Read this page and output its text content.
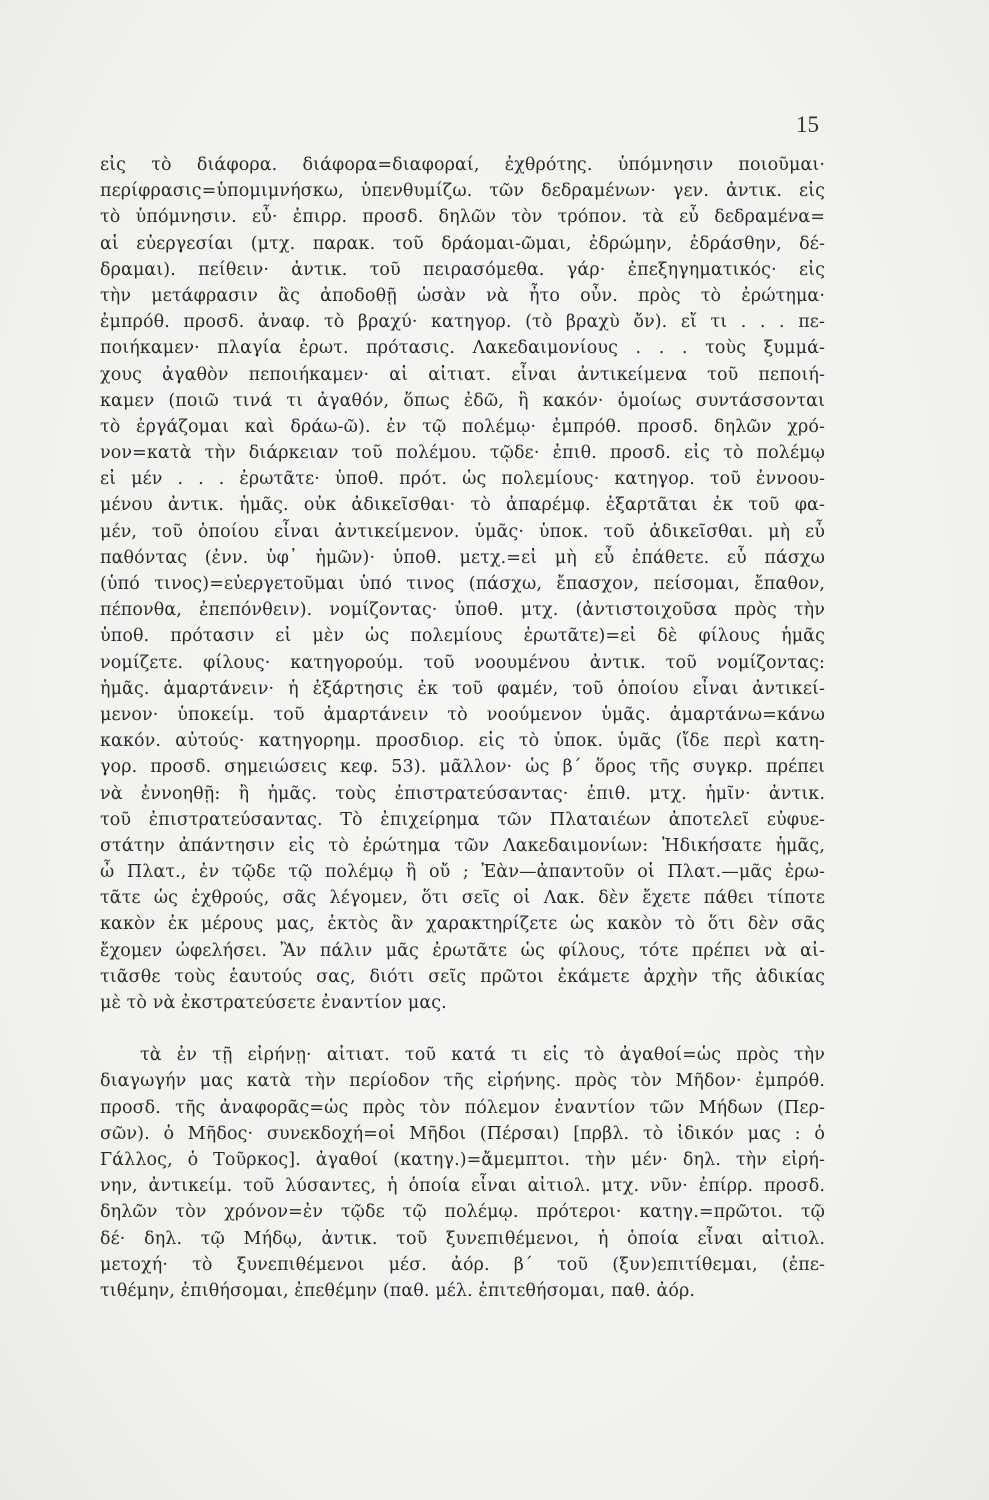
15
εἰς τὸ διάφορα. διάφορα=διαφοραί, ἐχθρότης. ὑπόμνησιν ποιοῦμαι·
περίφρασις=ὑπομιμνήσκω, ὑπενθυμίζω. τῶν δεδραμένων· γεν. ἀντικ. εἰς
τὸ ὑπόμνησιν. εὖ· ἐπιρρ. προσδ. δηλῶν τὸν τρόπον. τὰ εὖ δεδραμένα=
αἱ εὐεργεσίαι (μτχ. παρακ. τοῦ δράομαι-ῶμαι, ἐδρώμην, ἐδράσθην, δέ-
δραμαι). πείθειν· ἀντικ. τοῦ πειρασόμεθα. γάρ· ἐπεξηγηματικός· εἰς
τὴν μετάφρασιν ἂς ἀποδοθῇ ὡσὰν νὰ ἦτο οὖν. πρὸς τὸ ἐρώτημα·
ἐμπρόθ. προσδ. ἀναφ. τὸ βραχύ· κατηγορ. (τὸ βραχὺ ὄν). εἴ τι . . . πε-
ποιήκαμεν· πλαγία ἐρωτ. πρότασις. Λακεδαιμονίους . . . τοὺς ξυμμά-
χους ἀγαθὸν πεποιήκαμεν· αἱ αἰτιατ. εἶναι ἀντικείμενα τοῦ πεποιή-
καμεν (ποιῶ τινά τι ἀγαθόν, ὅπως ἐδῶ, ἢ κακόν· ὁμοίως συντάσσονται
τὸ ἐργάζομαι καὶ δράω-ῶ). ἐν τῷ πολέμῳ· ἐμπρόθ. προσδ. δηλῶν χρό-
νον=κατὰ τὴν διάρκειαν τοῦ πολέμου. τῷδε· ἐπιθ. προσδ. εἰς τὸ πολέμῳ
εἰ μέν . . . ἐρωτᾶτε· ὑποθ. πρότ. ὡς πολεμίους· κατηγορ. τοῦ ἐννοου-
μένου ἀντικ. ἡμᾶς. οὐκ ἀδικεῖσθαι· τὸ ἀπαρέμφ. ἐξαρτᾶται ἐκ τοῦ φα-
μέν, τοῦ ὁποίου εἶναι ἀντικείμενον. ὑμᾶς· ὑποκ. τοῦ ἀδικεῖσθαι. μὴ εὖ
παθόντας (ἐνν. ὑφ᾽ ἡμῶν)· ὑποθ. μετχ.=εἰ μὴ εὖ ἐπάθετε. εὖ πάσχω
(ὑπό τινος)=εὐεργετοῦμαι ὑπό τινος (πάσχω, ἔπασχον, πείσομαι, ἔπαθον,
πέπονθα, ἐπεπόνθειν). νομίζοντας· ὑποθ. μτχ. (ἀντιστοιχοῦσα πρὸς τὴν
ὑποθ. πρότασιν εἰ μὲν ὡς πολεμίους ἐρωτᾶτε)=εἰ δὲ φίλους ἡμᾶς
νομίζετε. φίλους· κατηγορούμ. τοῦ νοουμένου ἀντικ. τοῦ νομίζοντας:
ἡμᾶς. ἁμαρτάνειν· ἡ ἐξάρτησις ἐκ τοῦ φαμέν, τοῦ ὁποίου εἶναι ἀντικεί-
μενον· ὑποκείμ. τοῦ ἁμαρτάνειν τὸ νοούμενον ὑμᾶς. ἁμαρτάνω=κάνω
κακόν. αὐτούς· κατηγορημ. προσδιορ. εἰς τὸ ὑποκ. ὑμᾶς (ἴδε περὶ κατη-
γορ. προσδ. σημειώσεις κεφ. 53). μᾶλλον· ὡς β΄ ὅρος τῆς συγκρ. πρέπει
νὰ ἐννοηθῇ: ἢ ἡμᾶς. τοὺς ἐπιστρατεύσαντας· ἐπιθ. μτχ. ἡμῖν· ἀντικ.
τοῦ ἐπιστρατεύσαντας. Τὸ ἐπιχείρημα τῶν Πλαταιέων ἀποτελεῖ εὐφυε-
στάτην ἀπάντησιν εἰς τὸ ἐρώτημα τῶν Λακεδαιμονίων: Ἠδικήσατε ἡμᾶς,
ὦ Πλατ., ἐν τῷδε τῷ πολέμῳ ἢ οὔ ; Ἐὰν—ἀπαντοῦν οἱ Πλατ.—μᾶς ἐρω-
τᾶτε ὡς ἐχθρούς, σᾶς λέγομεν, ὅτι σεῖς οἱ Λακ. δὲν ἔχετε πάθει τίποτε
κακὸν ἐκ μέρους μας, ἐκτὸς ἂν χαρακτηρίζετε ὡς κακὸν τὸ ὅτι δὲν σᾶς
ἔχομεν ὠφελήσει. Ἂν πάλιν μᾶς ἐρωτᾶτε ὡς φίλους, τότε πρέπει νὰ αἰ-
τιᾶσθε τοὺς ἑαυτούς σας, διότι σεῖς πρῶτοι ἐκάμετε ἀρχὴν τῆς ἀδικίας
μὲ τὸ νὰ ἐκστρατεύσετε ἐναντίον μας.
τὰ ἐν τῇ εἰρήνῃ· αἰτιατ. τοῦ κατά τι εἰς τὸ ἀγαθοί=ὡς πρὸς τὴν
διαγωγήν μας κατὰ τὴν περίοδον τῆς εἰρήνης. πρὸς τὸν Μῆδον· ἐμπρόθ.
προσδ. τῆς ἀναφορᾶς=ὡς πρὸς τὸν πόλεμον ἐναντίον τῶν Μήδων (Περ-
σῶν). ὁ Μῆδος· συνεκδοχή=οἱ Μῆδοι (Πέρσαι) [πρβλ. τὸ ἰδικόν μας : ὁ
Γάλλος, ὁ Τοῦρκος]. ἀγαθοί (κατηγ.)=ἄμεμπτοι. τὴν μέν· δηλ. τὴν εἰρή-
νην, ἀντικείμ. τοῦ λύσαντες, ἡ ὁποία εἶναι αἰτιολ. μτχ. νῦν· ἐπίρρ. προσδ.
δηλῶν τὸν χρόνον=ἐν τῷδε τῷ πολέμῳ. πρότεροι· κατηγ.=πρῶτοι. τῷ
δέ· δηλ. τῷ Μήδῳ, ἀντικ. τοῦ ξυνεπιθέμενοι, ἡ ὁποία εἶναι αἰτιολ.
μετοχή· τὸ ξυνεπιθέμενοι μέσ. ἀόρ. β΄ τοῦ (ξυν)επιτίθεμαι, (ἐπε-
τιθέμην, ἐπιθήσομαι, ἐπεθέμην (παθ. μέλ. ἐπιτεθήσομαι, παθ. ἀόρ.
